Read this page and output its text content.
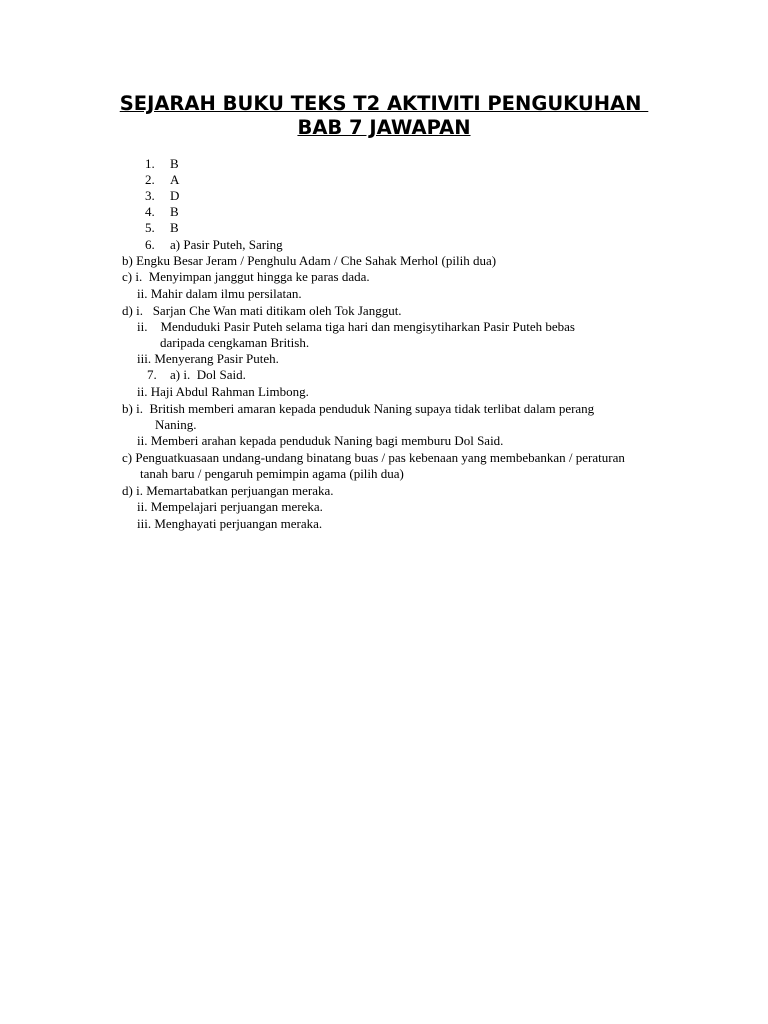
SEJARAH BUKU TEKS T2 AKTIVITI PENGUKUHAN
BAB 7 JAWAPAN
1. B
2. A
3. D
4. B
5. B
6. a) Pasir Puteh, Saring
b) Engku Besar Jeram / Penghulu Adam / Che Sahak Merhol (pilih dua)
c) i.  Menyimpan janggut hingga ke paras dada.
ii. Mahir dalam ilmu persilatan.
d) i.   Sarjan Che Wan mati ditikam oleh Tok Janggut.
ii.    Menduduki Pasir Puteh selama tiga hari dan mengisytiharkan Pasir Puteh bebas
daripada cengkaman British.
iii. Menyerang Pasir Puteh.
7. a) i.  Dol Said.
ii. Haji Abdul Rahman Limbong.
b) i.  British memberi amaran kepada penduduk Naning supaya tidak terlibat dalam perang
Naning.
ii. Memberi arahan kepada penduduk Naning bagi memburu Dol Said.
c) Penguatkuasaan undang-undang binatang buas / pas kebenaan yang membebankan / peraturan
tanah baru / pengaruh pemimpin agama (pilih dua)
d) i. Memartabatkan perjuangan meraka.
ii. Mempelajari perjuangan mereka.
iii. Menghayati perjuangan meraka.
